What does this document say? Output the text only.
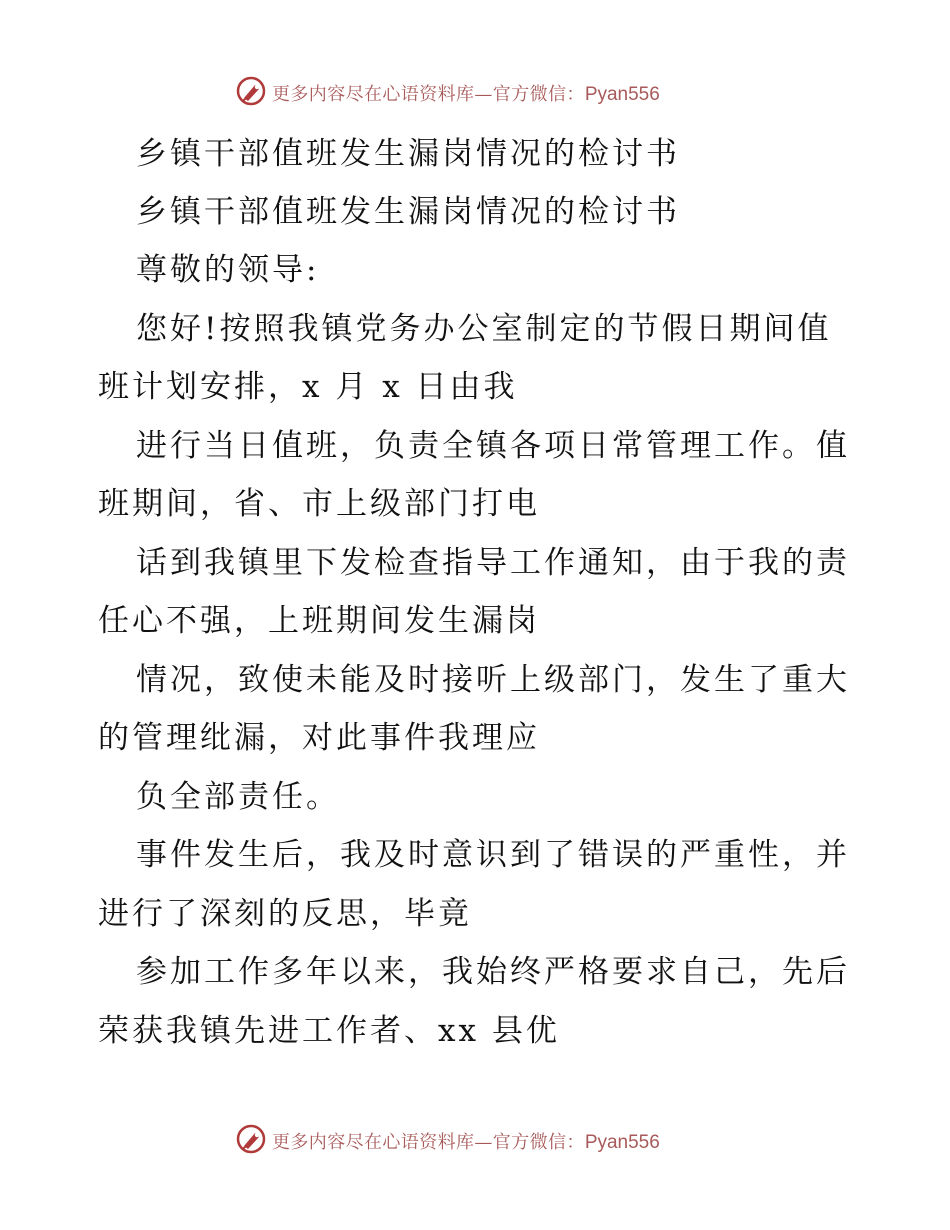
更多内容尽在心语资料库—官方微信：Pyan556
乡镇干部值班发生漏岗情况的检讨书
乡镇干部值班发生漏岗情况的检讨书
尊敬的领导:
您好!按照我镇党务办公室制定的节假日期间值
班计划安排，x 月 x 日由我
进行当日值班，负责全镇各项日常管理工作。值
班期间，省、市上级部门打电
话到我镇里下发检查指导工作通知，由于我的责
任心不强，上班期间发生漏岗
情况，致使未能及时接听上级部门，发生了重大
的管理纰漏，对此事件我理应
负全部责任。
事件发生后，我及时意识到了错误的严重性，并
进行了深刻的反思，毕竟
参加工作多年以来，我始终严格要求自己，先后
荣获我镇先进工作者、xx 县优
更多内容尽在心语资料库—官方微信：Pyan556
